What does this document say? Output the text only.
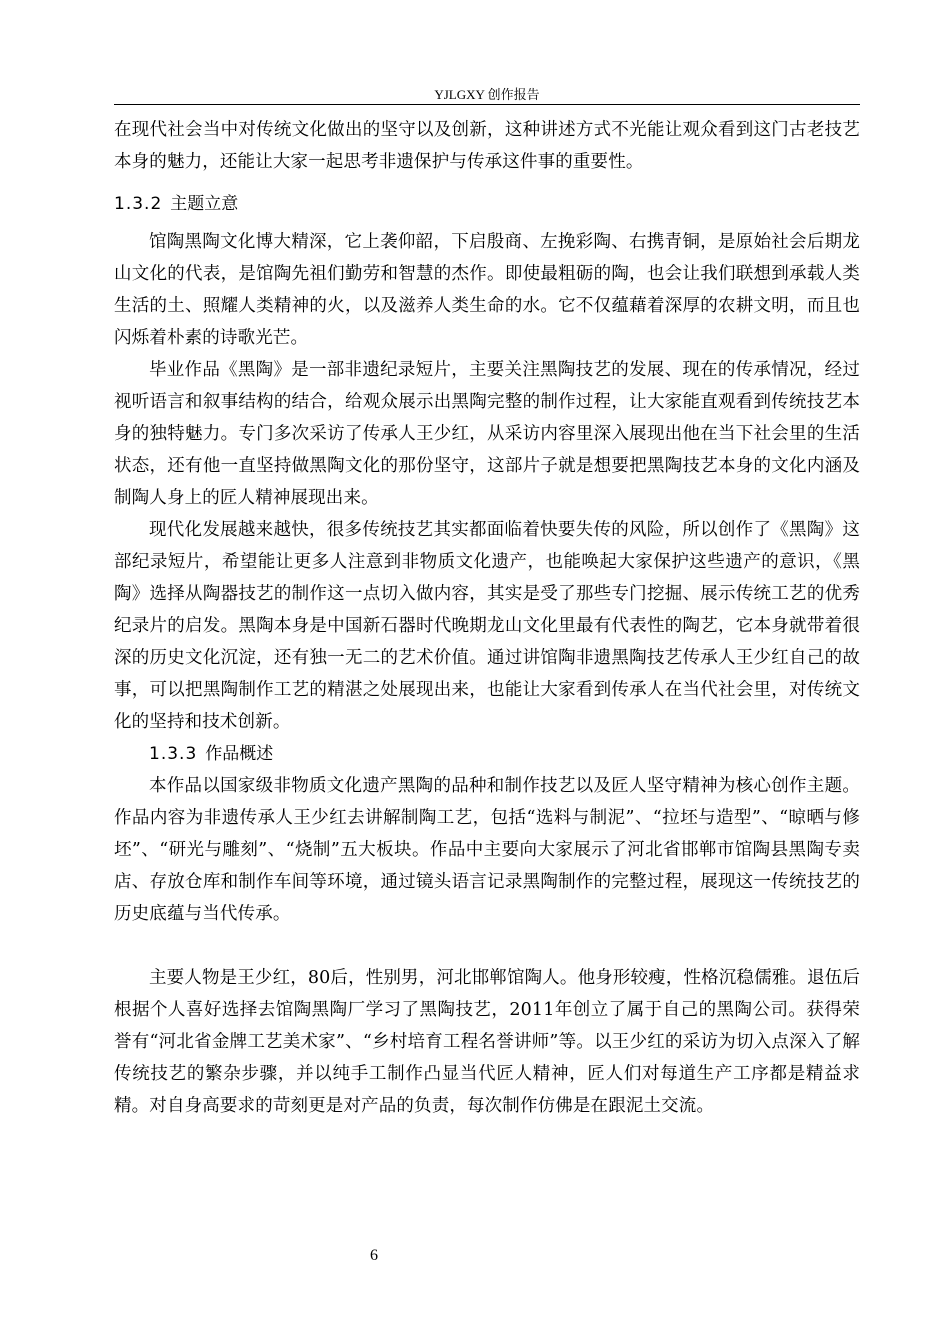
YJLGXY 创作报告

在现代社会当中对传统文化做出的坚守以及创新，这种讲述方式不光能让观众看到这门古老技艺本身的魅力，还能让大家一起思考非遗保护与传承这件事的重要性。

1.3.2 主题立意

馆陶黑陶文化博大精深，它上袭仰韶，下启殷商、左挽彩陶、右携青铜，是原始社会后期龙山文化的代表，是馆陶先祖们勤劳和智慧的杰作。即使最粗砺的陶，也会让我们联想到承载人类生活的土、照耀人类精神的火，以及滋养人类生命的水。它不仅蕴藉着深厚的农耕文明，而且也闪烁着朴素的诗歌光芒。

毕业作品《黑陶》是一部非遗纪录短片，主要关注黑陶技艺的发展、现在的传承情况，经过视听语言和叙事结构的结合，给观众展示出黑陶完整的制作过程，让大家能直观看到传统技艺本身的独特魅力。专门多次采访了传承人王少红，从采访内容里深入展现出他在当下社会里的生活状态，还有他一直坚持做黑陶文化的那份坚守，这部片子就是想要把黑陶技艺本身的文化内涵及制陶人身上的匠人精神展现出来。

现代化发展越来越快，很多传统技艺其实都面临着快要失传的风险，所以创作了《黑陶》这部纪录短片，希望能让更多人注意到非物质文化遗产，也能唤起大家保护这些遗产的意识，《黑陶》选择从陶器技艺的制作这一点切入做内容，其实是受了那些专门挖掘、展示传统工艺的优秀纪录片的启发。黑陶本身是中国新石器时代晚期龙山文化里最有代表性的陶艺，它本身就带着很深的历史文化沉淀，还有独一无二的艺术价值。通过讲馆陶非遗黑陶技艺传承人王少红自己的故事，可以把黑陶制作工艺的精湛之处展现出来，也能让大家看到传承人在当代社会里，对传统文化的坚持和技术创新。

1.3.3 作品概述

本作品以国家级非物质文化遗产黑陶的品种和制作技艺以及匠人坚守精神为核心创作主题。作品内容为非遗传承人王少红去讲解制陶工艺，包括“选料与制泥”、“拉坯与造型”、“晾晒与修坯”、“研光与雕刻”、“烧制”五大板块。作品中主要向大家展示了河北省邯郸市馆陶县黑陶专卖店、存放仓库和制作车间等环境，通过镜头语言记录黑陶制作的完整过程，展现这一传统技艺的历史底蕴与当代传承。

主要人物是王少红，80后，性别男，河北邯郸馆陶人。他身形较瘦，性格沉稳儒雅。退伍后根据个人喜好选择去馆陶黑陶厂学习了黑陶技艺，2011年创立了属于自己的黑陶公司。获得荣誉有“河北省金牌工艺美术家”、“乡村培育工程名誉讲师”等。以王少红的采访为切入点深入了解传统技艺的繁杂步骤，并以纯手工制作凸显当代匠人精神，匠人们对每道生产工序都是精益求精。对自身高要求的苛刻更是对产品的负责，每次制作仿佛是在跟泥土交流。

6
